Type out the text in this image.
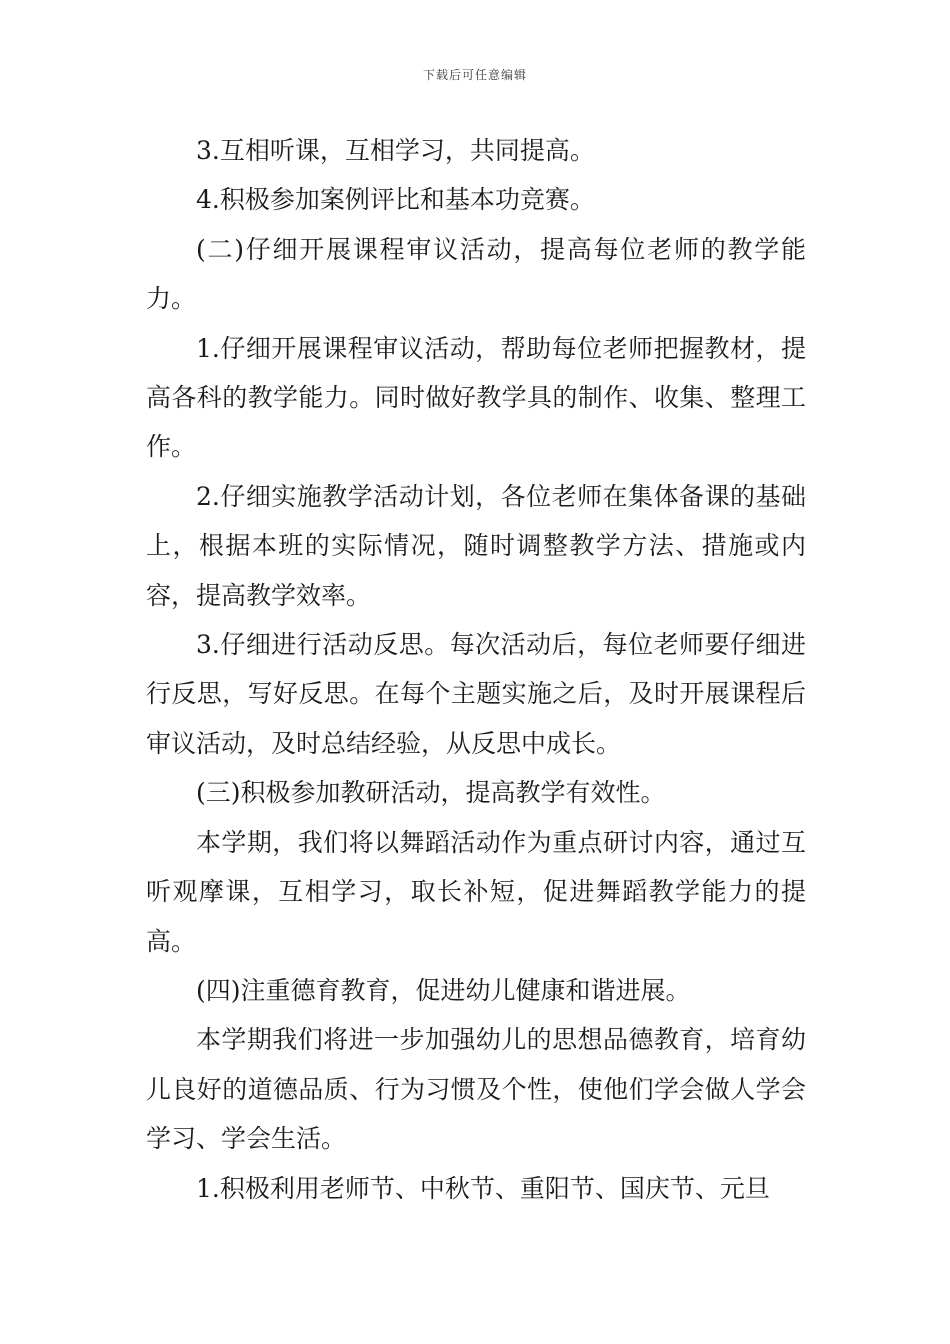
下载后可任意编辑

3.互相听课，互相学习，共同提高。

4.积极参加案例评比和基本功竞赛。

(二)仔细开展课程审议活动，提高每位老师的教学能力。

1.仔细开展课程审议活动，帮助每位老师把握教材，提高各科的教学能力。同时做好教学具的制作、收集、整理工作。

2.仔细实施教学活动计划，各位老师在集体备课的基础上，根据本班的实际情况，随时调整教学方法、措施或内容，提高教学效率。

3.仔细进行活动反思。每次活动后，每位老师要仔细进行反思，写好反思。在每个主题实施之后，及时开展课程后审议活动，及时总结经验，从反思中成长。

(三)积极参加教研活动，提高教学有效性。

本学期，我们将以舞蹈活动作为重点研讨内容，通过互听观摩课，互相学习，取长补短，促进舞蹈教学能力的提高。

(四)注重德育教育，促进幼儿健康和谐进展。

本学期我们将进一步加强幼儿的思想品德教育，培育幼儿良好的道德品质、行为习惯及个性，使他们学会做人学会学习、学会生活。

1.积极利用老师节、中秋节、重阳节、国庆节、元旦
